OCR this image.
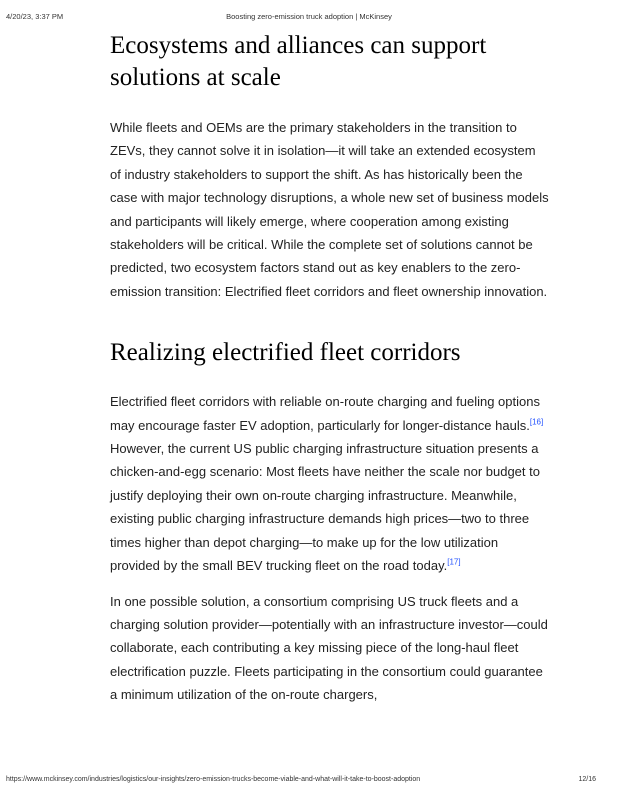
4/20/23, 3:37 PM	Boosting zero-emission truck adoption | McKinsey
Ecosystems and alliances can support solutions at scale

While fleets and OEMs are the primary stakeholders in the transition to ZEVs, they cannot solve it in isolation—it will take an extended ecosystem of industry stakeholders to support the shift. As has historically been the case with major technology disruptions, a whole new set of business models and participants will likely emerge, where cooperation among existing stakeholders will be critical. While the complete set of solutions cannot be predicted, two ecosystem factors stand out as key enablers to the zero-emission transition: Electrified fleet corridors and fleet ownership innovation.

Realizing electrified fleet corridors

Electrified fleet corridors with reliable on-route charging and fueling options may encourage faster EV adoption, particularly for longer-distance hauls.[16] However, the current US public charging infrastructure situation presents a chicken-and-egg scenario: Most fleets have neither the scale nor budget to justify deploying their own on-route charging infrastructure. Meanwhile, existing public charging infrastructure demands high prices—two to three times higher than depot charging—to make up for the low utilization provided by the small BEV trucking fleet on the road today.[17]

In one possible solution, a consortium comprising US truck fleets and a charging solution provider—potentially with an infrastructure investor—could collaborate, each contributing a key missing piece of the long-haul fleet electrification puzzle. Fleets participating in the consortium could guarantee a minimum utilization of the on-route chargers,

https://www.mckinsey.com/industries/logistics/our-insights/zero-emission-trucks-become-viable-and-what-will-it-take-to-boost-adoption	12/16
